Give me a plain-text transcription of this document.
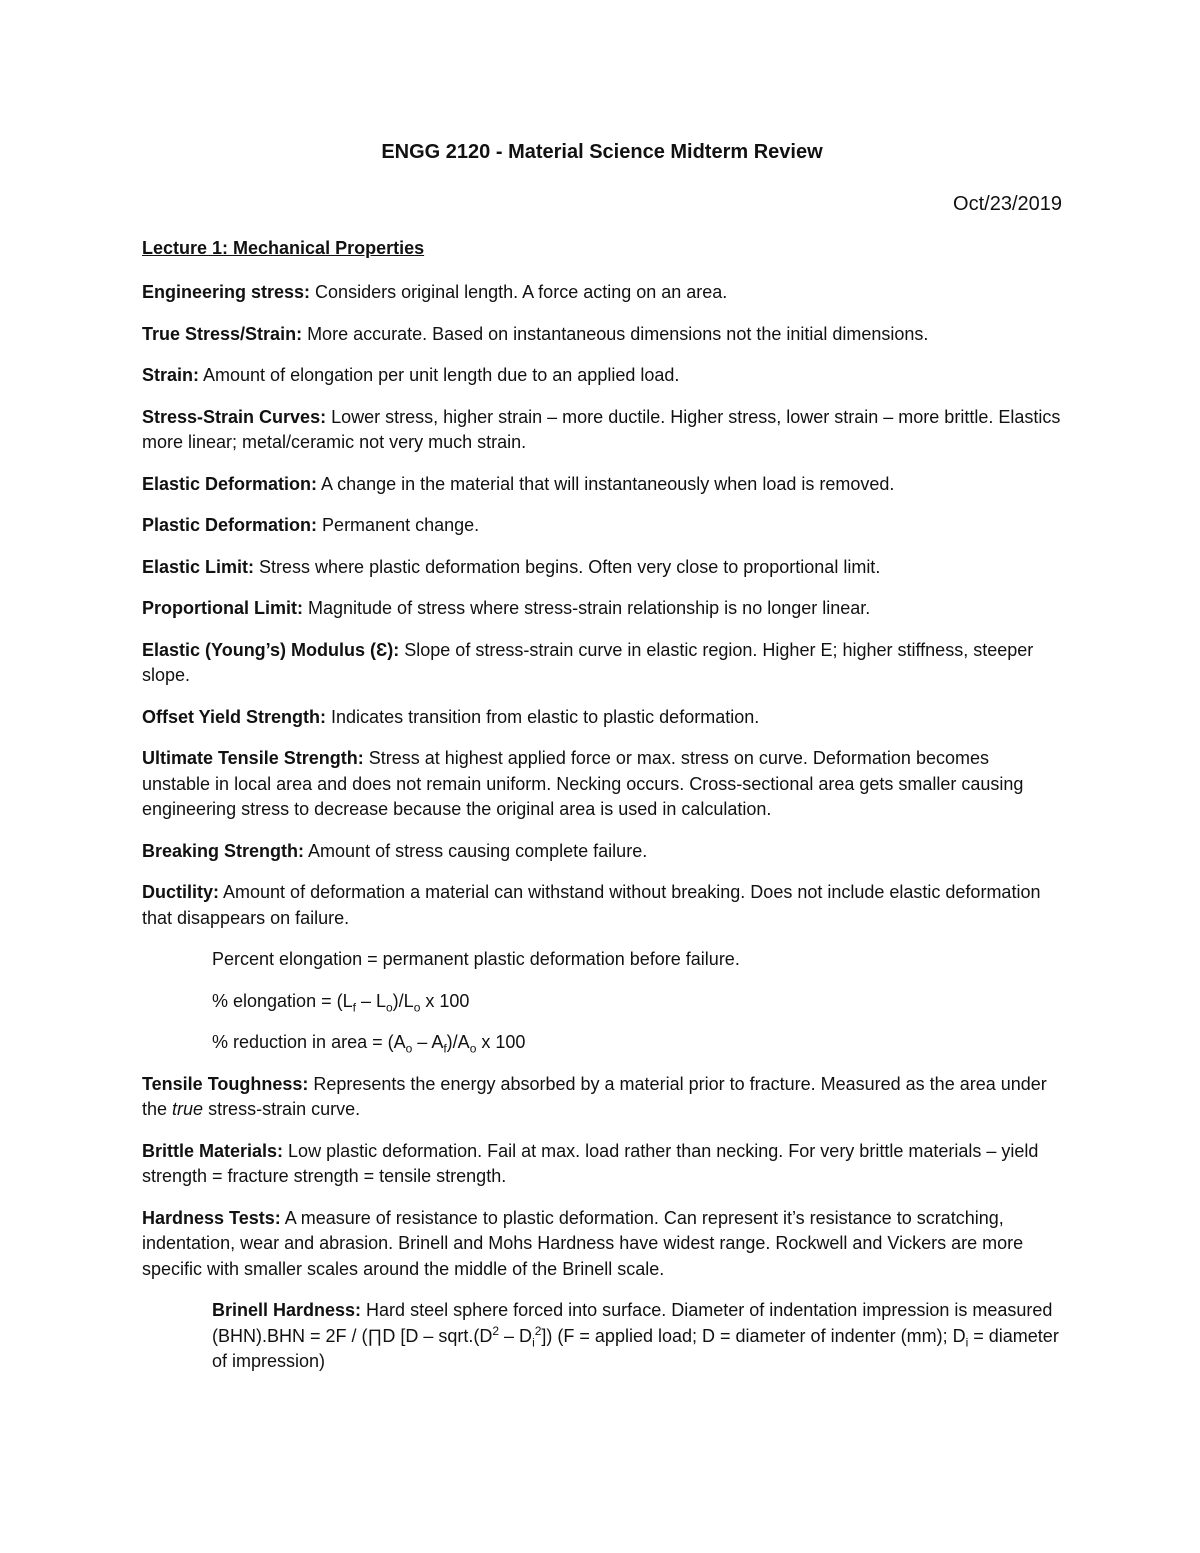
ENGG 2120 - Material Science Midterm Review
Oct/23/2019
Lecture 1: Mechanical Properties
Engineering stress: Considers original length. A force acting on an area.
True Stress/Strain: More accurate. Based on instantaneous dimensions not the initial dimensions.
Strain: Amount of elongation per unit length due to an applied load.
Stress-Strain Curves: Lower stress, higher strain – more ductile. Higher stress, lower strain – more brittle. Elastics more linear; metal/ceramic not very much strain.
Elastic Deformation: A change in the material that will instantaneously when load is removed.
Plastic Deformation: Permanent change.
Elastic Limit: Stress where plastic deformation begins. Often very close to proportional limit.
Proportional Limit: Magnitude of stress where stress-strain relationship is no longer linear.
Elastic (Young’s) Modulus (Ɛ): Slope of stress-strain curve in elastic region. Higher E; higher stiffness, steeper slope.
Offset Yield Strength: Indicates transition from elastic to plastic deformation.
Ultimate Tensile Strength: Stress at highest applied force or max. stress on curve. Deformation becomes unstable in local area and does not remain uniform. Necking occurs. Cross-sectional area gets smaller causing engineering stress to decrease because the original area is used in calculation.
Breaking Strength: Amount of stress causing complete failure.
Ductility: Amount of deformation a material can withstand without breaking. Does not include elastic deformation that disappears on failure.
Percent elongation = permanent plastic deformation before failure.
% elongation = $(L_f - L_o)/L_o$ x 100
% reduction in area = $(A_o - A_f)/A_o$ x 100
Tensile Toughness: Represents the energy absorbed by a material prior to fracture. Measured as the area under the true stress-strain curve.
Brittle Materials: Low plastic deformation. Fail at max. load rather than necking. For very brittle materials – yield strength = fracture strength = tensile strength.
Hardness Tests: A measure of resistance to plastic deformation. Can represent it’s resistance to scratching, indentation, wear and abrasion. Brinell and Mohs Hardness have widest range. Rockwell and Vickers are more specific with smaller scales around the middle of the Brinell scale.
Brinell Hardness: Hard steel sphere forced into surface. Diameter of indentation impression is measured (BHN).BHN = 2F / (∏D $[D - sqrt.(D^2 - D_i^2]) (F$ = applied load; D = diameter of indenter (mm); $D_i$ = diameter of impression)
